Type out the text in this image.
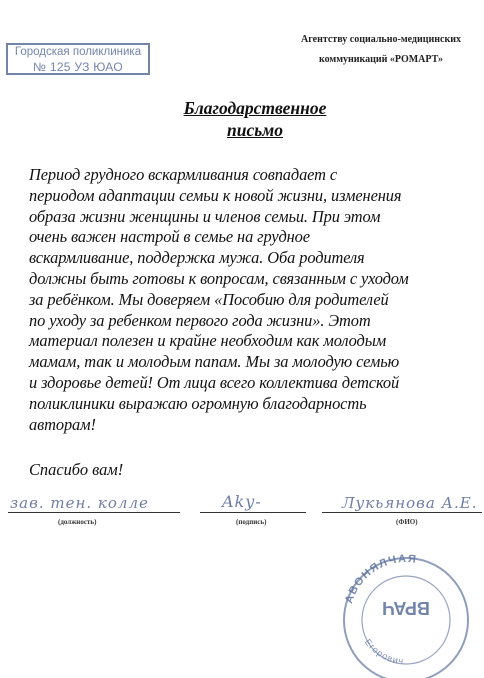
Городская поликлиника
№ 125 УЗ ЮАО
Агентству социально-медицинских
коммуникаций «РОМАРТ»
Благодарственное
письмо
Период грудного вскармливания совпадает с
периодом адаптации семьи к новой жизни, изменения
образа жизни женщины и членов семьи. При этом
очень важен настрой в семье на грудное
вскармливание, поддержка мужа. Оба родителя
должны быть готовы к вопросам, связанным с уходом
за ребёнком. Мы доверяем «Пособию для родителей
по уходу за ребенком первого года жизни». Этот
материал полезен и крайне необходим как молодым
мамам, так и молодым папам. Мы за молодую семью
и здоровье детей! От лица всего коллектива детской
поликлиники выражаю огромную благодарность
авторам!
Спасибо вам!
зав. тен. колле
(должность)
Aky-
(подпись)
Лукьянова А.Е.
(ФИО)
АВОНЯЛЧАЯ
Егорович
ВРАЧ
